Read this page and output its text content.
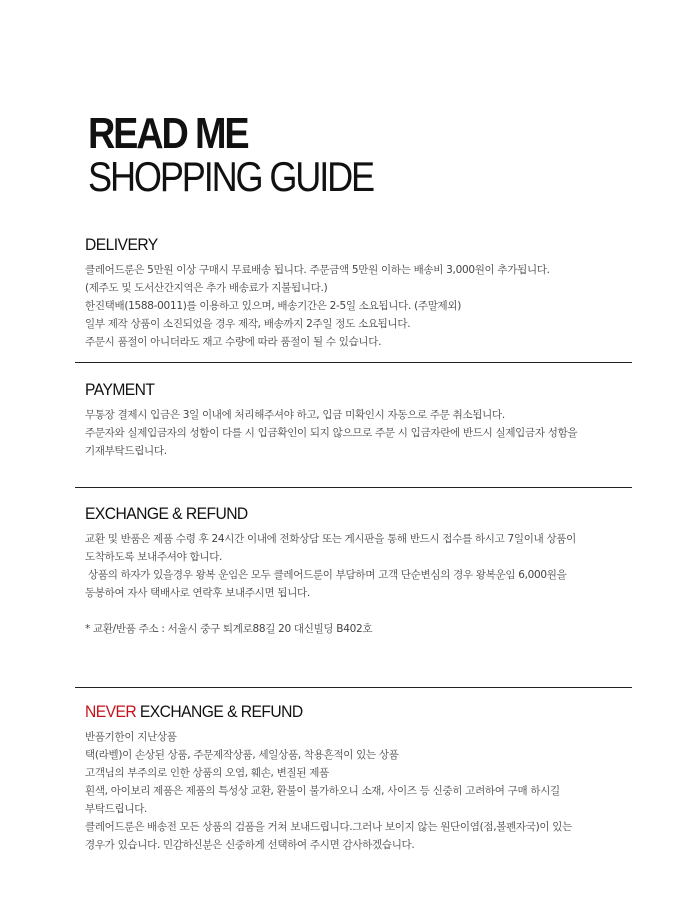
READ ME
SHOPPING GUIDE
DELIVERY
클레어드룬은 5만원 이상 구매시 무료배송 됩니다. 주문금액 5만원 이하는 배송비 3,000원이 추가됩니다.
(제주도 및 도서산간지역은 추가 배송료가 지불됩니다.)
한진택배(1588-0011)를 이용하고 있으며, 배송기간은 2-5일 소요됩니다. (주말제외)
일부 제작 상품이 소진되었을 경우 제작, 배송까지 2주일 정도 소요됩니다.
주문시 품절이 아니더라도 재고 수량에 따라 품절이 될 수 있습니다.
PAYMENT
무통장 결제시 입금은 3일 이내에 처리해주셔야 하고, 입금 미확인시 자동으로 주문 취소됩니다.
주문자와 실제입금자의 성함이 다를 시 입금확인이 되지 않으므로 주문 시 입금자란에 반드시 실제입금자 성함을
기재부탁드립니다.
EXCHANGE & REFUND
교환 및 반품은 제품 수령 후 24시간 이내에 전화상담 또는 게시판을 통해 반드시 접수를 하시고 7일이내 상품이
도착하도록 보내주셔야 합니다.
상품의 하자가 있을경우 왕복 운임은 모두 클레어드룬이 부담하며 고객 단순변심의 경우 왕복운임 6,000원을
동봉하여 자사 택배사로 연락후 보내주시면 됩니다.
* 교환/반품 주소 : 서울시 중구 퇴계로88길 20 대신빌딩 B402호
NEVER EXCHANGE & REFUND
반품기한이 지난상품
택(라벨)이 손상된 상품, 주문제작상품, 세일상품, 착용흔적이 있는 상품
고객님의 부주의로 인한 상품의 오염, 훼손, 변질된 제품
흰색, 아이보리 제품은 제품의 특성상 교환, 환불이 불가하오니 소재, 사이즈 등 신중히 고려하여 구매 하시길
부탁드립니다.
클레어드룬은 배송전 모든 상품의 검품을 거쳐 보내드립니다.그러나 보이지 않는 원단이염(점,볼펜자국)이 있는
경우가 있습니다. 민감하신분은 신중하게 선택하여 주시면 감사하겠습니다.
